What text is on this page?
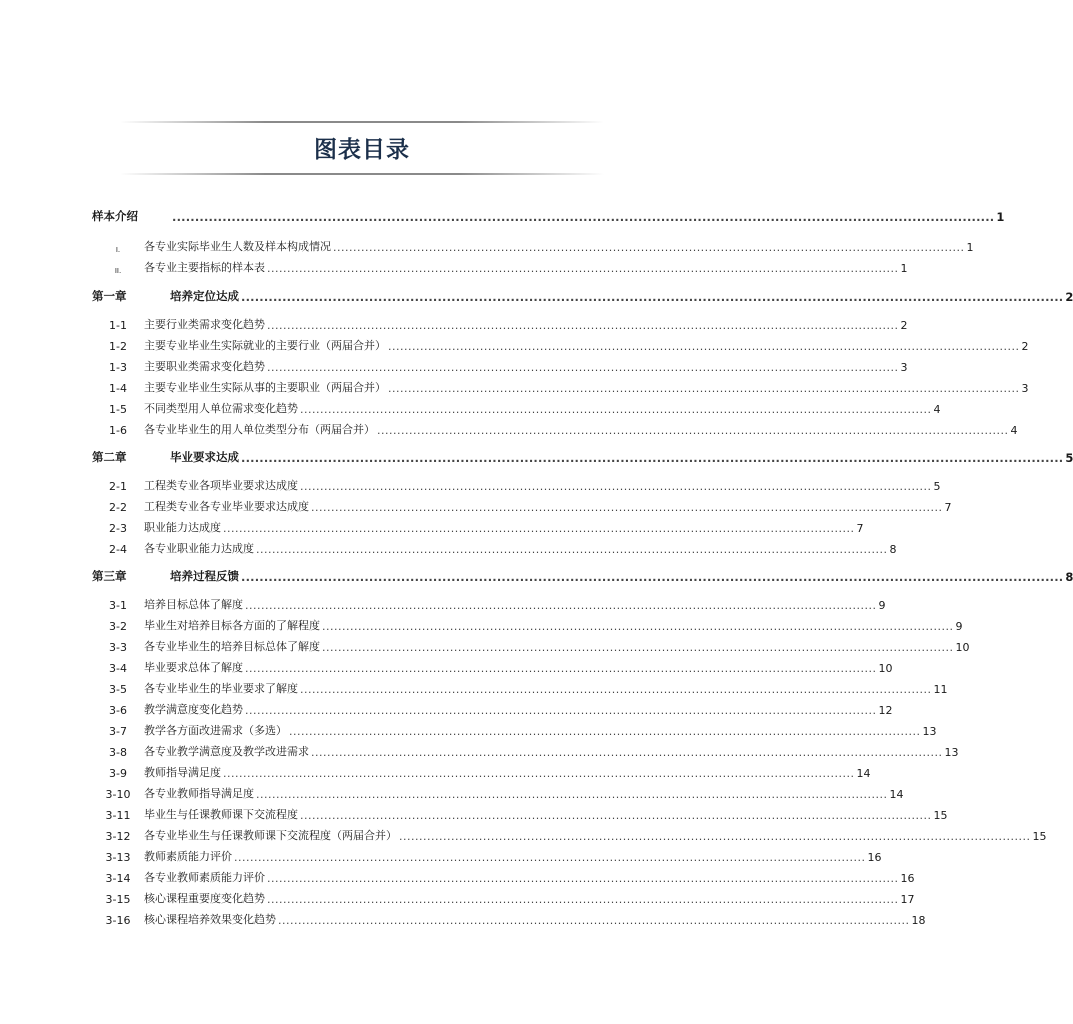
图表目录
样本介绍	.................................................................................................................................................................................... 1
I.	各专业实际毕业生人数及样本构成情况 .............................................................................................................................................................. 1
II.	各专业主要指标的样本表 .............................................................................................................................................................. 1
第一章	培养定位达成 .................................................................................................................................................................................... 2
1-1	主要行业类需求变化趋势 .............................................................................................................................................................. 2
1-2	主要专业毕业生实际就业的主要行业（两届合并） .............................................................................................................................................................. 2
1-3	主要职业类需求变化趋势 .............................................................................................................................................................. 3
1-4	主要专业毕业生实际从事的主要职业（两届合并） .............................................................................................................................................................. 3
1-5	不同类型用人单位需求变化趋势 .............................................................................................................................................................. 4
1-6	各专业毕业生的用人单位类型分布（两届合并） .............................................................................................................................................................. 4
第二章	毕业要求达成 .................................................................................................................................................................................... 5
2-1	工程类专业各项毕业要求达成度 .............................................................................................................................................................. 5
2-2	工程类专业各专业毕业要求达成度 .............................................................................................................................................................. 7
2-3	职业能力达成度 .............................................................................................................................................................. 7
2-4	各专业职业能力达成度 .............................................................................................................................................................. 8
第三章	培养过程反馈 .................................................................................................................................................................................... 8
3-1	培养目标总体了解度 .............................................................................................................................................................. 9
3-2	毕业生对培养目标各方面的了解程度 .............................................................................................................................................................. 9
3-3	各专业毕业生的培养目标总体了解度 .............................................................................................................................................................. 10
3-4	毕业要求总体了解度 .............................................................................................................................................................. 10
3-5	各专业毕业生的毕业要求了解度 .............................................................................................................................................................. 11
3-6	教学满意度变化趋势 .............................................................................................................................................................. 12
3-7	教学各方面改进需求（多选） .............................................................................................................................................................. 13
3-8	各专业教学满意度及教学改进需求 .............................................................................................................................................................. 13
3-9	教师指导满足度 .............................................................................................................................................................. 14
3-10	各专业教师指导满足度 .............................................................................................................................................................. 14
3-11	毕业生与任课教师课下交流程度 .............................................................................................................................................................. 15
3-12	各专业毕业生与任课教师课下交流程度（两届合并） .............................................................................................................................................................. 15
3-13	教师素质能力评价 .............................................................................................................................................................. 16
3-14	各专业教师素质能力评价 .............................................................................................................................................................. 16
3-15	核心课程重要度变化趋势 .............................................................................................................................................................. 17
3-16	核心课程培养效果变化趋势 .............................................................................................................................................................. 18
